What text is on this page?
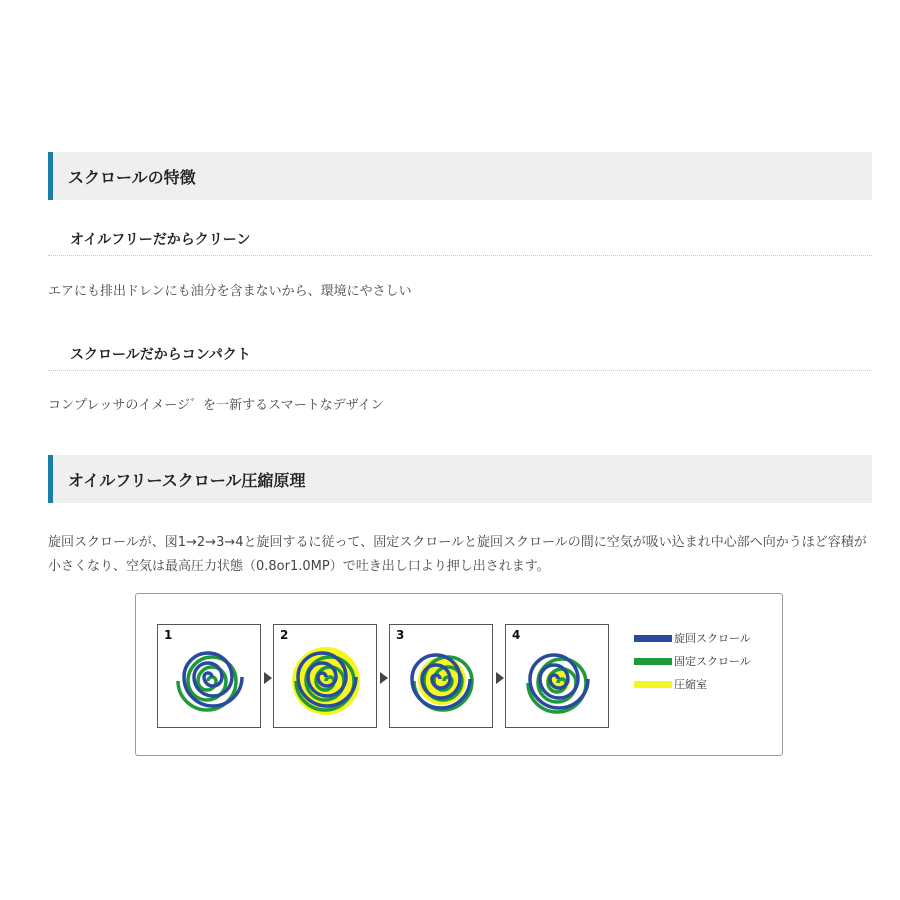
スクロールの特徴
オイルフリーだからクリーン
エアにも排出ドレンにも油分を含まないから、環境にやさしい
スクロールだからコンパクト
コンプレッサのイメージ゛を一新するスマートなデザイン
オイルフリースクロール圧縮原理
旋回スクロールが、図1→2→3→4と旋回するに従って、固定スクロールと旋回スクロールの間に空気が吸い込まれ中心部へ向かうほど容積が小さくなり、空気は最高圧力状態（0.8or1.0MP）で吐き出し口より押し出されます。
1	2	3	4	旋回スクロール
固定スクロール
圧縮室
